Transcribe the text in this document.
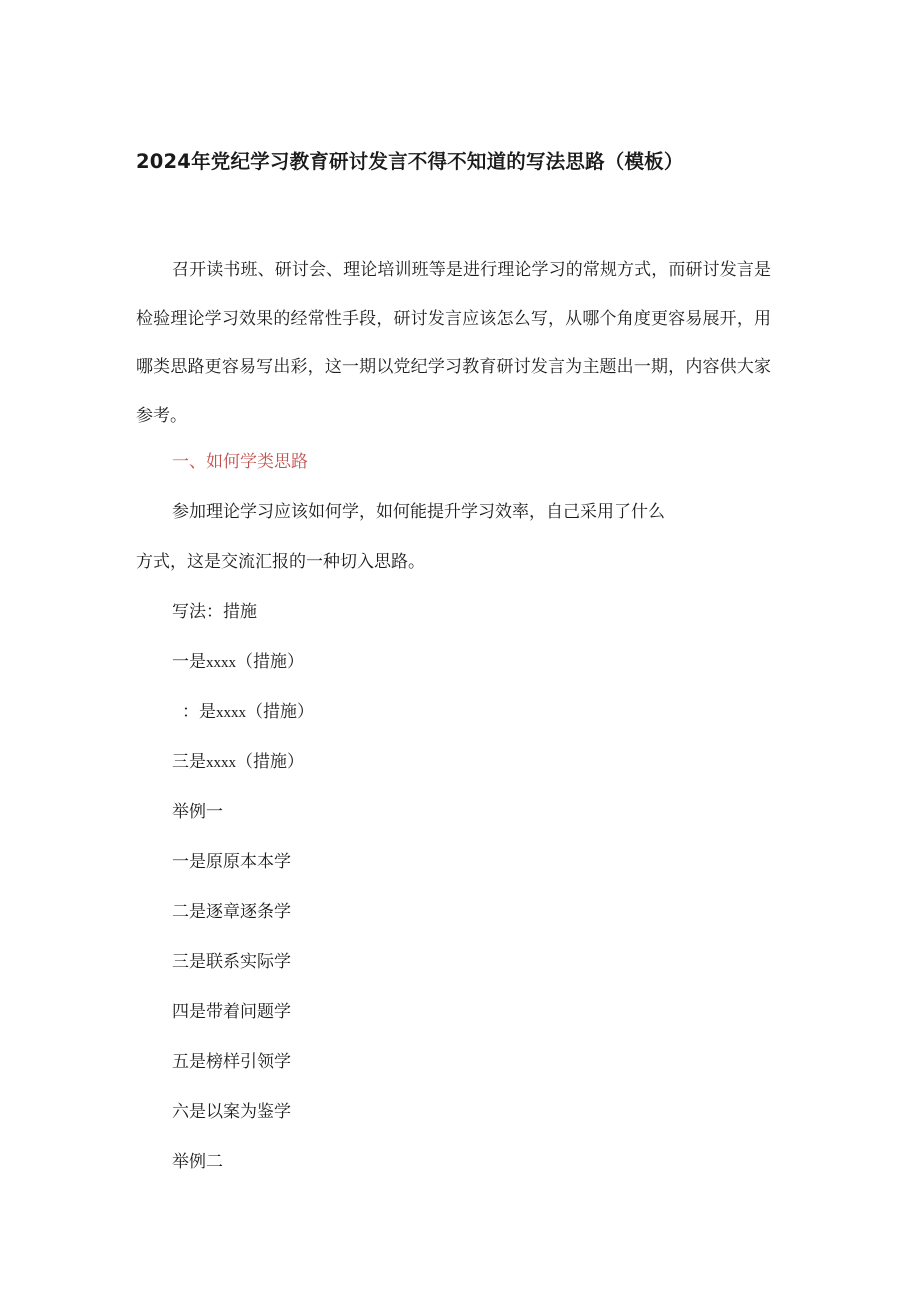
2024年党纪学习教育研讨发言不得不知道的写法思路（模板）
召开读书班、研讨会、理论培训班等是进行理论学习的常规方式，而研讨发言是检验理论学习效果的经常性手段，研讨发言应该怎么写，从哪个角度更容易展开，用哪类思路更容易写出彩，这一期以党纪学习教育研讨发言为主题出一期，内容供大家参考。
一、如何学类思路
参加理论学习应该如何学，如何能提升学习效率，自己采用了什么
方式，这是交流汇报的一种切入思路。
写法：措施
一是xxxx（措施）
：是xxxx（措施）
三是xxxx（措施）
举例一
一是原原本本学
二是逐章逐条学
三是联系实际学
四是带着问题学
五是榜样引领学
六是以案为鉴学
举例二
